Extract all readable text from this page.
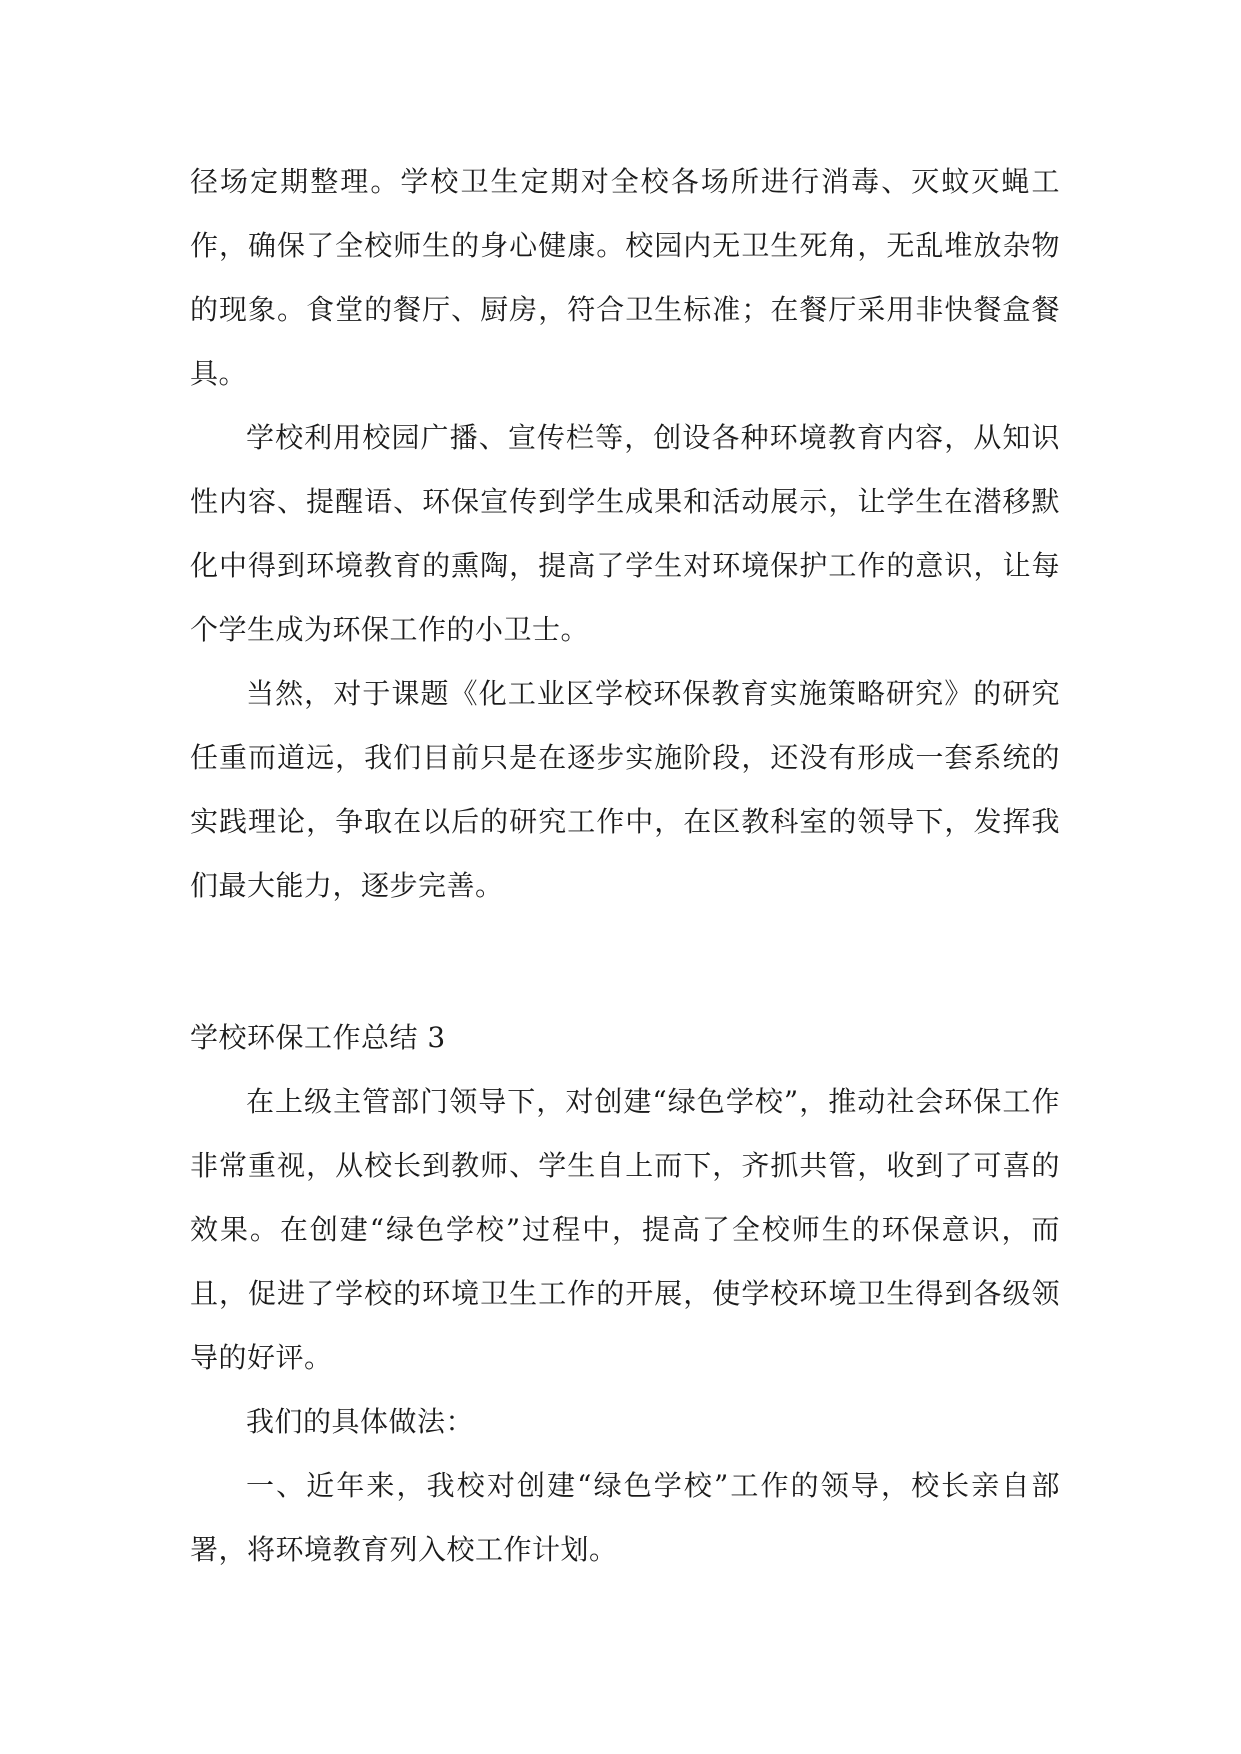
径场定期整理。学校卫生定期对全校各场所进行消毒、灭蚊灭蝇工作，确保了全校师生的身心健康。校园内无卫生死角，无乱堆放杂物的现象。食堂的餐厅、厨房，符合卫生标准；在餐厅采用非快餐盒餐具。

学校利用校园广播、宣传栏等，创设各种环境教育内容，从知识性内容、提醒语、环保宣传到学生成果和活动展示，让学生在潜移默化中得到环境教育的熏陶，提高了学生对环境保护工作的意识，让每个学生成为环保工作的小卫士。

当然，对于课题《化工业区学校环保教育实施策略研究》的研究任重而道远，我们目前只是在逐步实施阶段，还没有形成一套系统的实践理论，争取在以后的研究工作中，在区教科室的领导下，发挥我们最大能力，逐步完善。

学校环保工作总结 3

在上级主管部门领导下，对创建“绿色学校”，推动社会环保工作非常重视，从校长到教师、学生自上而下，齐抓共管，收到了可喜的效果。在创建“绿色学校”过程中，提高了全校师生的环保意识，而且，促进了学校的环境卫生工作的开展，使学校环境卫生得到各级领导的好评。

我们的具体做法：

一、近年来，我校对创建“绿色学校”工作的领导，校长亲自部署，将环境教育列入校工作计划。
